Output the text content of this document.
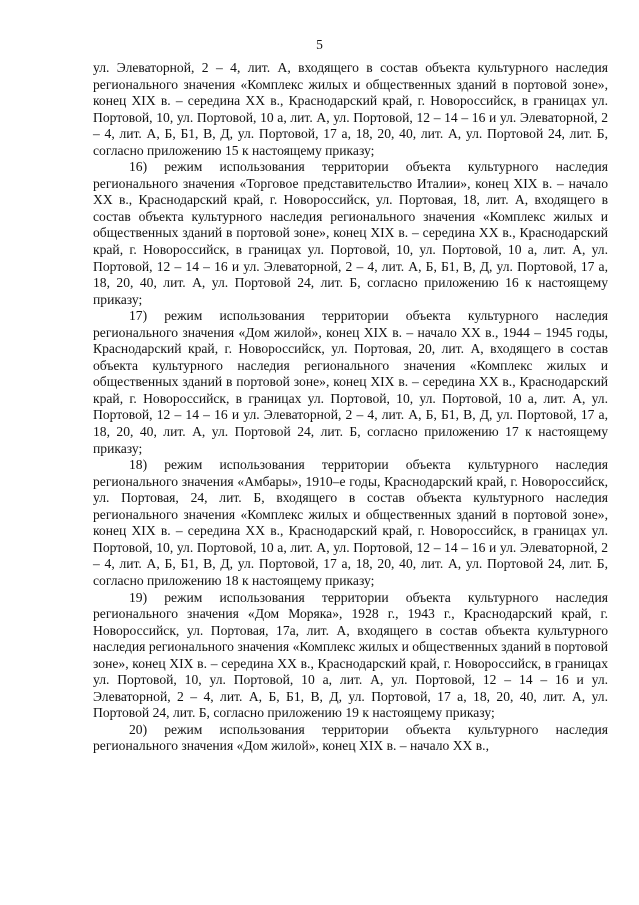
5

ул. Элеваторной, 2 – 4, лит. А, входящего в состав объекта культурного наследия регионального значения «Комплекс жилых и общественных зданий в портовой зоне», конец XIX в. – середина XX в., Краснодарский край, г. Новороссийск, в границах ул. Портовой, 10, ул. Портовой, 10 а, лит. А, ул. Портовой, 12 – 14 – 16 и ул. Элеваторной, 2 – 4, лит. А, Б, Б1, В, Д, ул. Портовой, 17 а, 18, 20, 40, лит. А, ул. Портовой 24, лит. Б, согласно приложению 15 к настоящему приказу;

16) режим использования территории объекта культурного наследия регионального значения «Торговое представительство Италии», конец XIX в. – начало XX в., Краснодарский край, г. Новороссийск, ул. Портовая, 18, лит. А, входящего в состав объекта культурного наследия регионального значения «Комплекс жилых и общественных зданий в портовой зоне», конец XIX в. – середина XX в., Краснодарский край, г. Новороссийск, в границах ул. Портовой, 10, ул. Портовой, 10 а, лит. А, ул. Портовой, 12 – 14 – 16 и ул. Элеваторной, 2 – 4, лит. А, Б, Б1, В, Д, ул. Портовой, 17 а, 18, 20, 40, лит. А, ул. Портовой 24, лит. Б, согласно приложению 16 к настоящему приказу;

17) режим использования территории объекта культурного наследия регионального значения «Дом жилой», конец XIX в. – начало XX в., 1944 – 1945 годы, Краснодарский край, г. Новороссийск, ул. Портовая, 20, лит. А, входящего в состав объекта культурного наследия регионального значения «Комплекс жилых и общественных зданий в портовой зоне», конец XIX в. – середина XX в., Краснодарский край, г. Новороссийск, в границах ул. Портовой, 10, ул. Портовой, 10 а, лит. А, ул. Портовой, 12 – 14 – 16 и ул. Элеваторной, 2 – 4, лит. А, Б, Б1, В, Д, ул. Портовой, 17 а, 18, 20, 40, лит. А, ул. Портовой 24, лит. Б, согласно приложению 17 к настоящему приказу;

18) режим использования территории объекта культурного наследия регионального значения «Амбары», 1910–е годы, Краснодарский край, г. Новороссийск, ул. Портовая, 24, лит. Б, входящего в состав объекта культурного наследия регионального значения «Комплекс жилых и общественных зданий в портовой зоне», конец XIX в. – середина XX в., Краснодарский край, г. Новороссийск, в границах ул. Портовой, 10, ул. Портовой, 10 а, лит. А, ул. Портовой, 12 – 14 – 16 и ул. Элеваторной, 2 – 4, лит. А, Б, Б1, В, Д, ул. Портовой, 17 а, 18, 20, 40, лит. А, ул. Портовой 24, лит. Б, согласно приложению 18 к настоящему приказу;

19) режим использования территории объекта культурного наследия регионального значения «Дом Моряка», 1928 г., 1943 г., Краснодарский край, г. Новороссийск, ул. Портовая, 17а, лит. А, входящего в состав объекта культурного наследия регионального значения «Комплекс жилых и общественных зданий в портовой зоне», конец XIX в. – середина XX в., Краснодарский край, г. Новороссийск, в границах ул. Портовой, 10, ул. Портовой, 10 а, лит. А, ул. Портовой, 12 – 14 – 16 и ул. Элеваторной, 2 – 4, лит. А, Б, Б1, В, Д, ул. Портовой, 17 а, 18, 20, 40, лит. А, ул. Портовой 24, лит. Б, согласно приложению 19 к настоящему приказу;

20) режим использования территории объекта культурного наследия регионального значения «Дом жилой», конец XIX в. – начало XX в.,
